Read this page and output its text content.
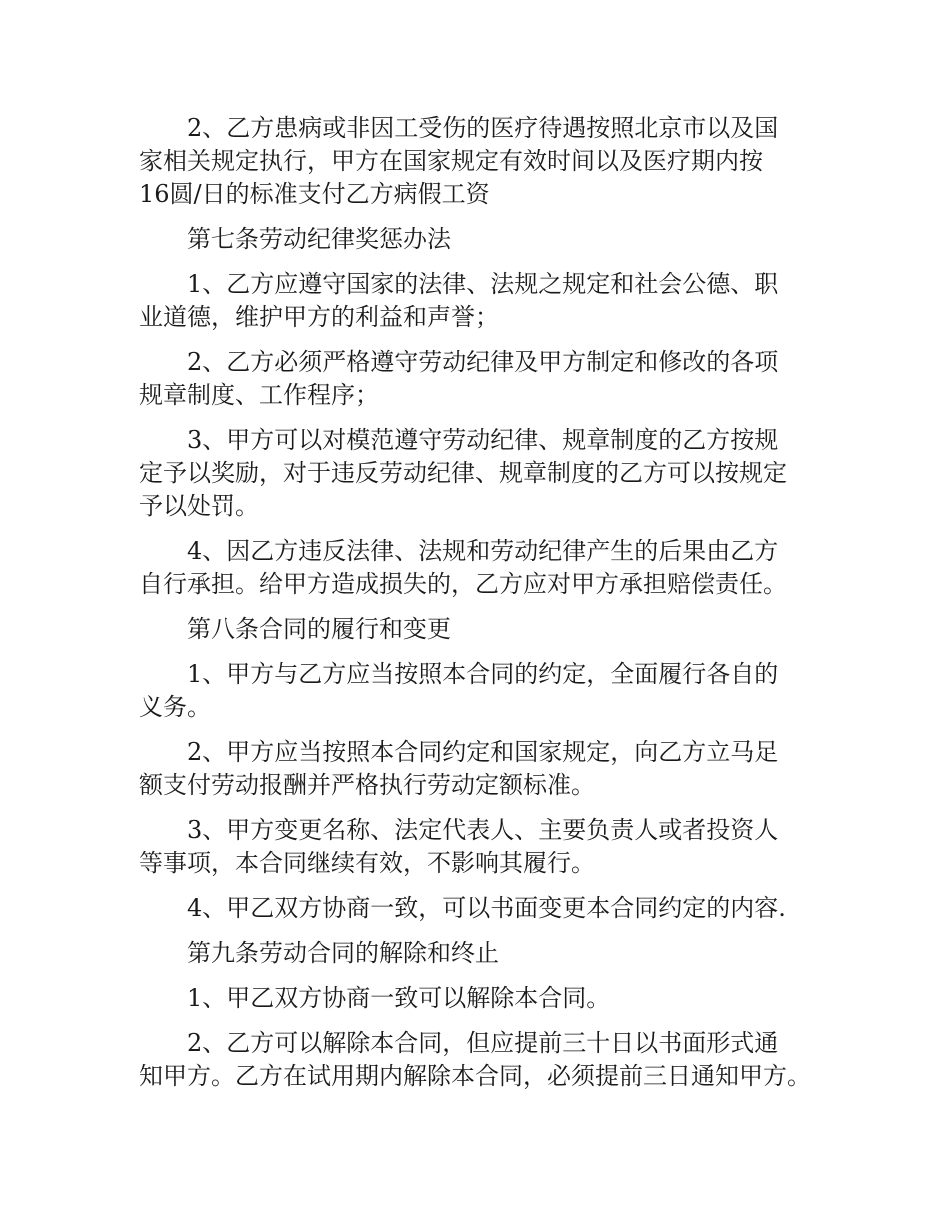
2、乙方患病或非因工受伤的医疗待遇按照北京市以及国
家相关规定执行，甲方在国家规定有效时间以及医疗期内按
16圆/日的标准支付乙方病假工资

第七条劳动纪律奖惩办法

1、乙方应遵守国家的法律、法规之规定和社会公德、职
业道德，维护甲方的利益和声誉；

2、乙方必须严格遵守劳动纪律及甲方制定和修改的各项
规章制度、工作程序；

3、甲方可以对模范遵守劳动纪律、规章制度的乙方按规
定予以奖励，对于违反劳动纪律、规章制度的乙方可以按规定
予以处罚。

4、因乙方违反法律、法规和劳动纪律产生的后果由乙方
自行承担。给甲方造成损失的，乙方应对甲方承担赔偿责任。

第八条合同的履行和变更

1、甲方与乙方应当按照本合同的约定，全面履行各自的
义务。

2、甲方应当按照本合同约定和国家规定，向乙方立马足
额支付劳动报酬并严格执行劳动定额标准。

3、甲方变更名称、法定代表人、主要负责人或者投资人
等事项，本合同继续有效，不影响其履行。

4、甲乙双方协商一致，可以书面变更本合同约定的内容.

第九条劳动合同的解除和终止

1、甲乙双方协商一致可以解除本合同。

2、乙方可以解除本合同，但应提前三十日以书面形式通
知甲方。乙方在试用期内解除本合同，必须提前三日通知甲方。
